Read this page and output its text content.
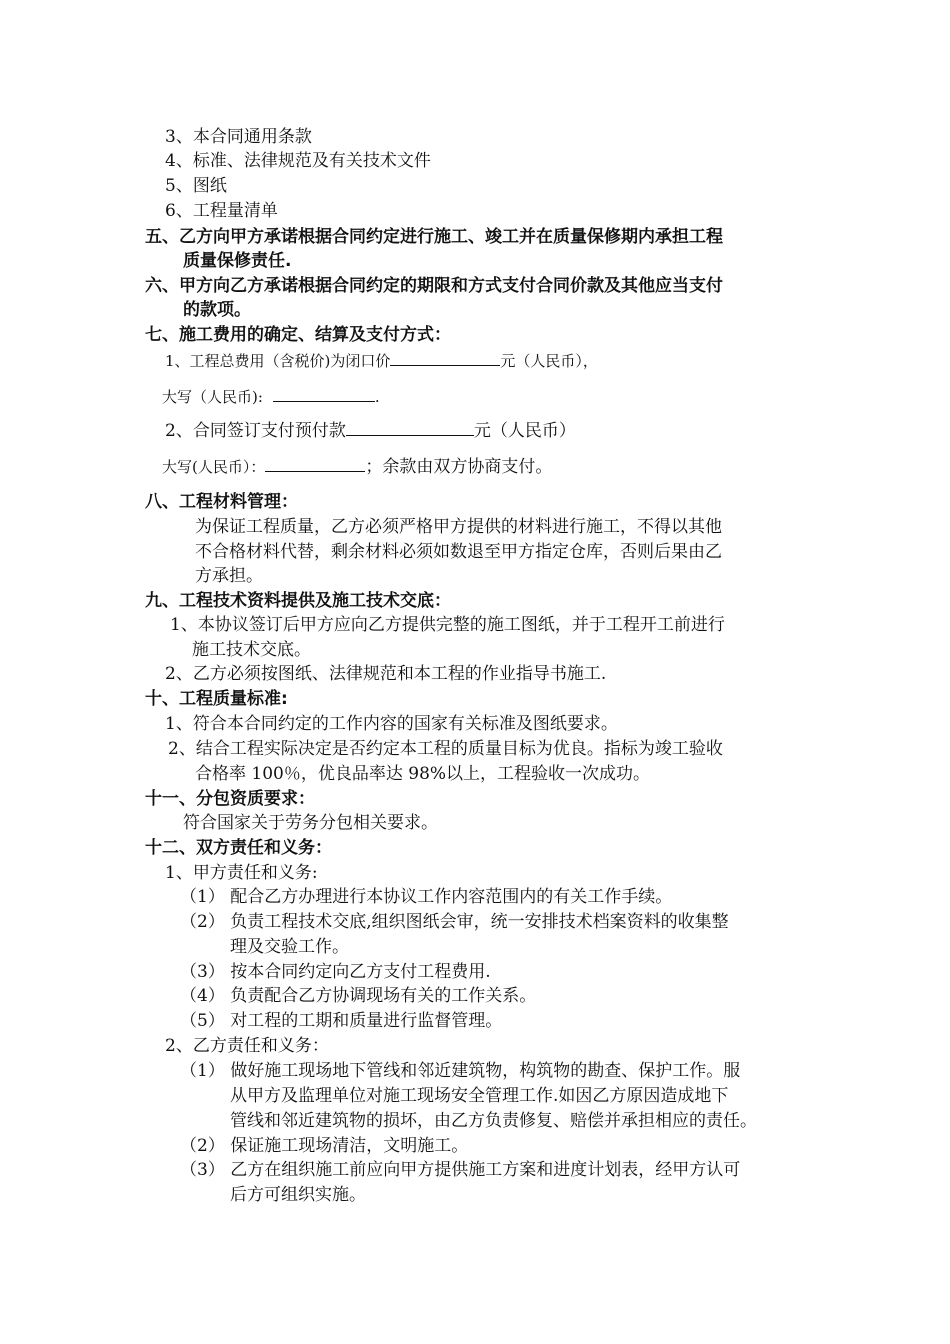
3、本合同通用条款
4、标准、法律规范及有关技术文件
5、图纸
6、工程量清单
五、乙方向甲方承诺根据合同约定进行施工、竣工并在质量保修期内承担工程
质量保修责任.
六、甲方向乙方承诺根据合同约定的期限和方式支付合同价款及其他应当支付
的款项。
七、施工费用的确定、结算及支付方式：
1、工程总费用（含税价)为闭口价	元（人民币），
大写（人民币):	.
2、合同签订支付预付款	元（人民币）
大写(人民币）：	；余款由双方协商支付。
八、工程材料管理：
为保证工程质量，乙方必须严格甲方提供的材料进行施工，不得以其他
不合格材料代替，剩余材料必须如数退至甲方指定仓库，否则后果由乙
方承担。
九、工程技术资料提供及施工技术交底：
1、本协议签订后甲方应向乙方提供完整的施工图纸，并于工程开工前进行
施工技术交底。
2、乙方必须按图纸、法律规范和本工程的作业指导书施工.
十、工程质量标准:
1、符合本合同约定的工作内容的国家有关标准及图纸要求。
2、结合工程实际决定是否约定本工程的质量目标为优良。指标为竣工验收
合格率 100％，优良品率达 98%以上，工程验收一次成功。
十一、分包资质要求：
符合国家关于劳务分包相关要求。
十二、双方责任和义务：
1、甲方责任和义务:
（1） 配合乙方办理进行本协议工作内容范围内的有关工作手续。
（2） 负责工程技术交底,组织图纸会审，统一安排技术档案资料的收集整
理及交验工作。
（3） 按本合同约定向乙方支付工程费用.
（4） 负责配合乙方协调现场有关的工作关系。
（5） 对工程的工期和质量进行监督管理。
2、乙方责任和义务：
（1） 做好施工现场地下管线和邻近建筑物，构筑物的勘查、保护工作。服
从甲方及监理单位对施工现场安全管理工作.如因乙方原因造成地下
管线和邻近建筑物的损坏，由乙方负责修复、赔偿并承担相应的责任。
（2） 保证施工现场清洁，文明施工。
（3） 乙方在组织施工前应向甲方提供施工方案和进度计划表，经甲方认可
后方可组织实施。
